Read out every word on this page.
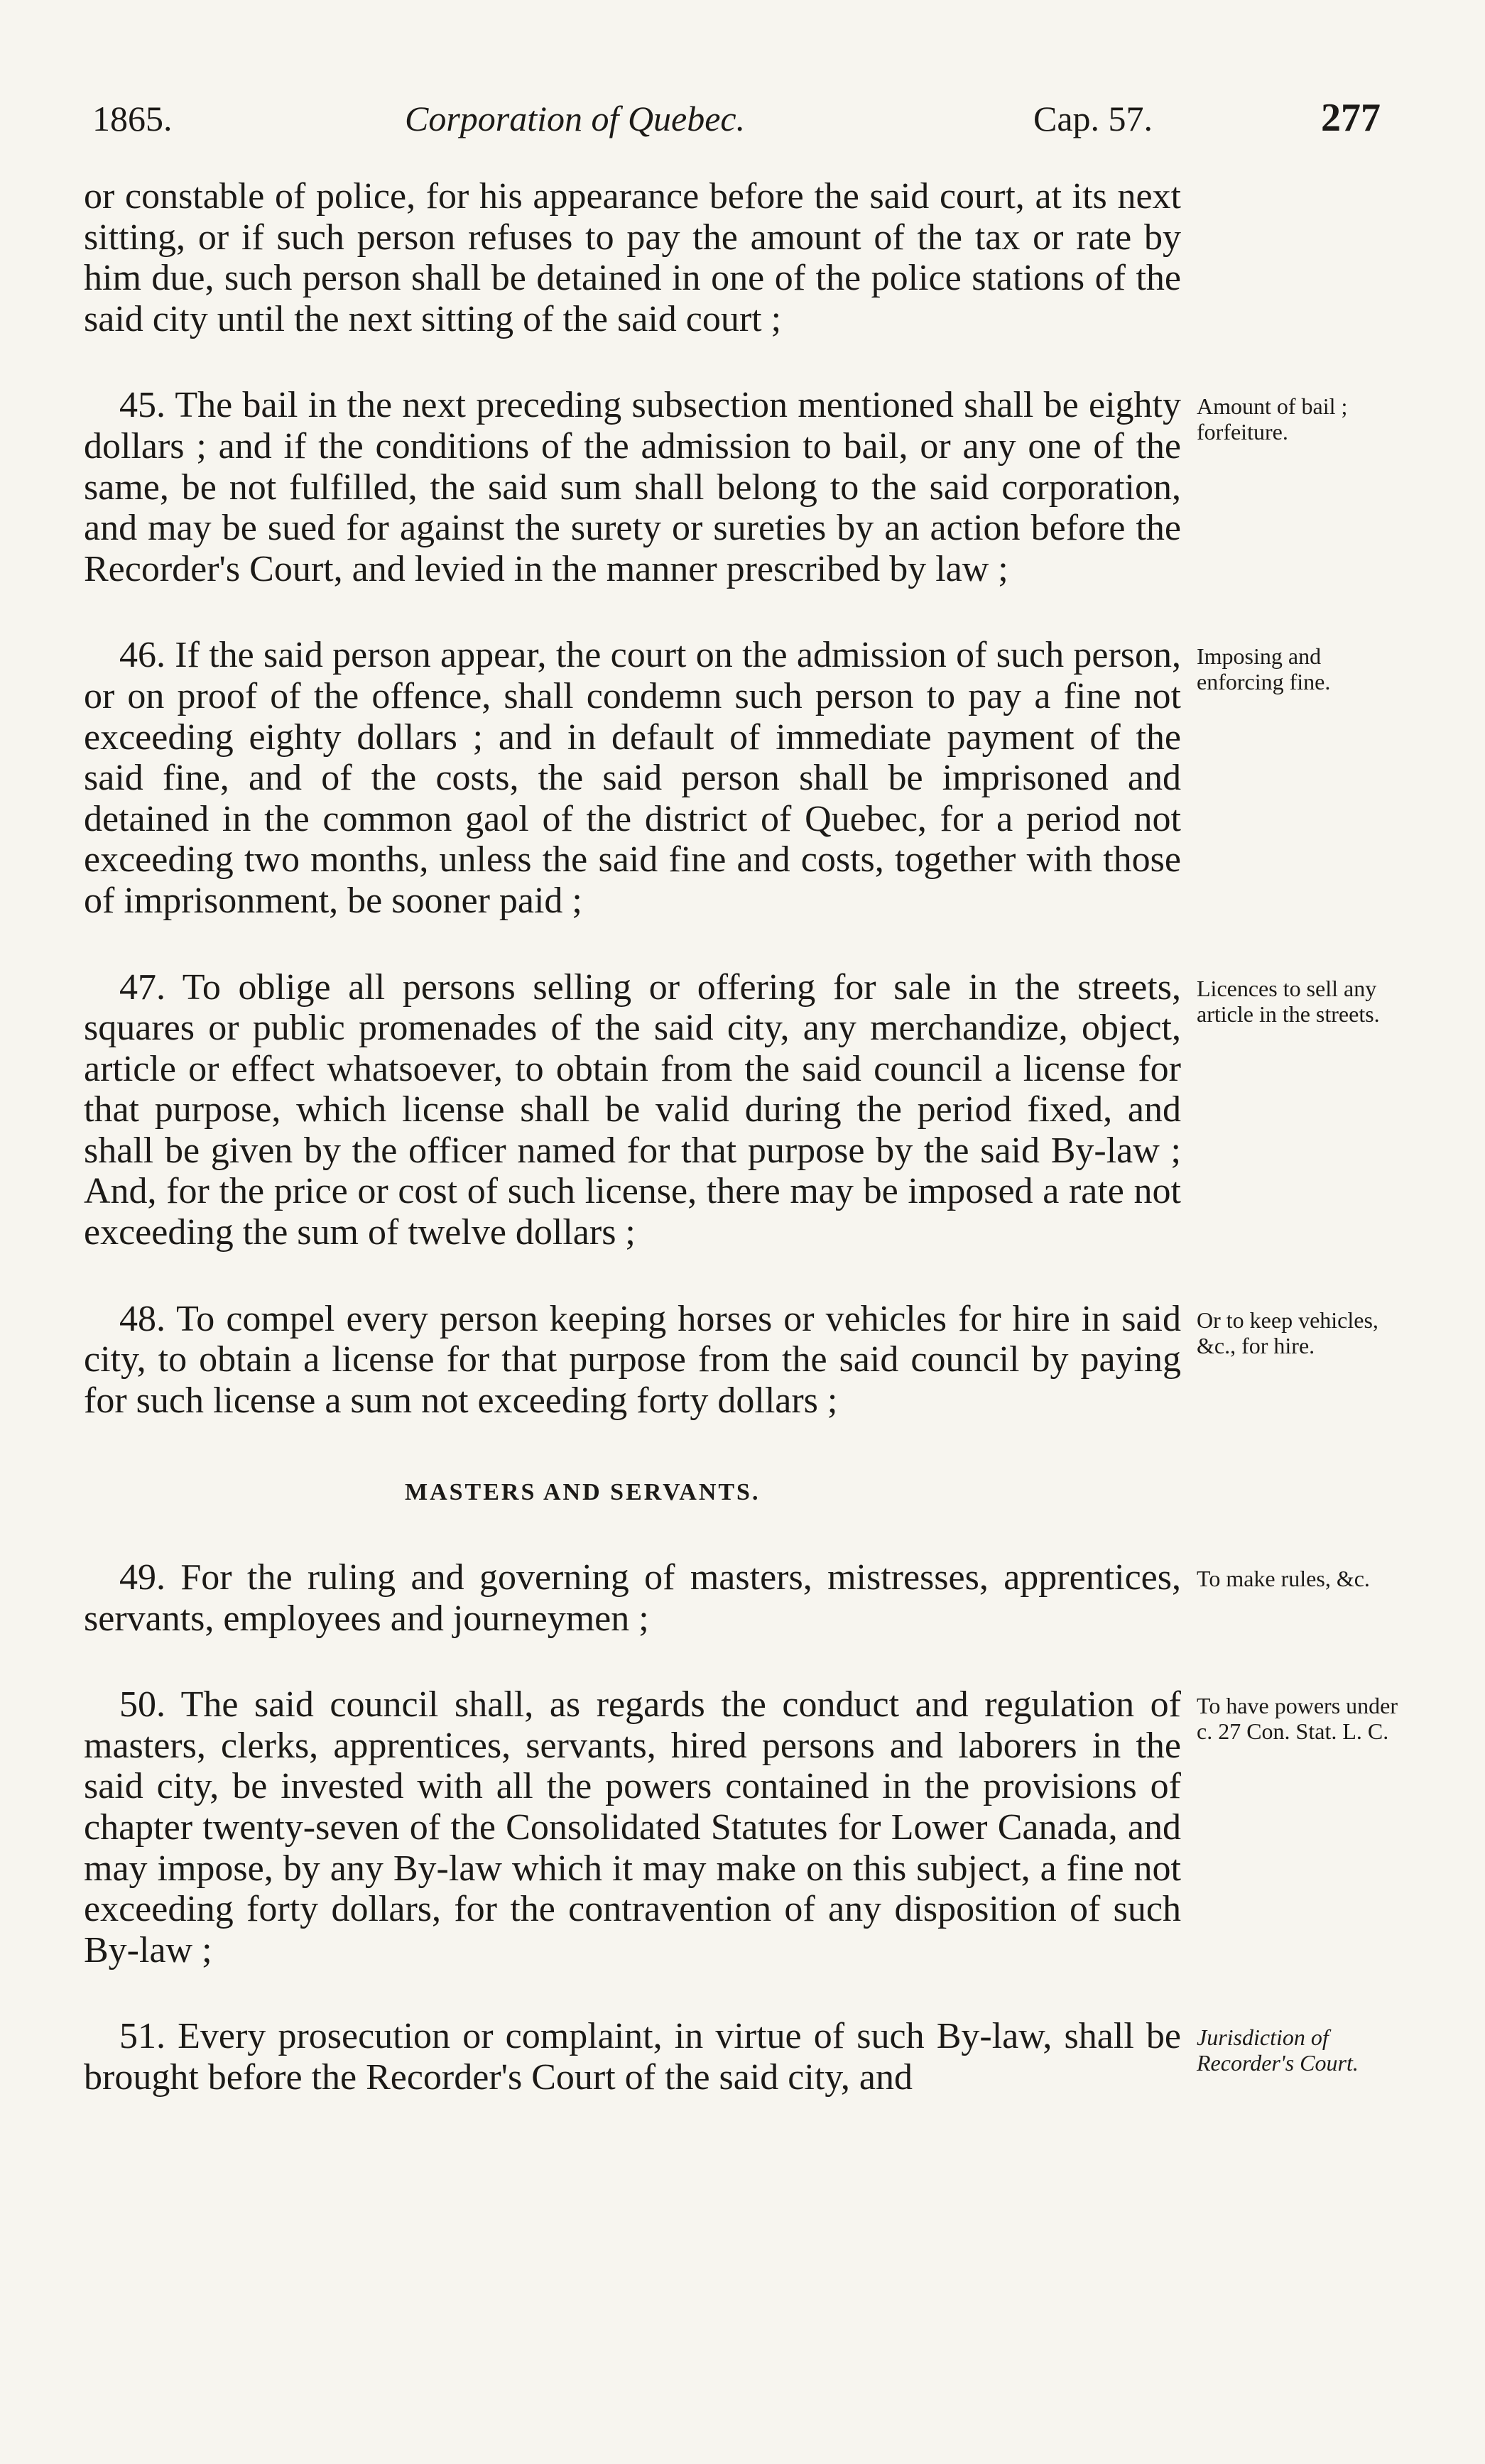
1865.	Corporation of Quebec.	Cap. 57.	277

or constable of police, for his appearance before the said court, at its next sitting, or if such person refuses to pay the amount of the tax or rate by him due, such person shall be detained in one of the police stations of the said city until the next sitting of the said court ;

45. The bail in the next preceding subsection mentioned shall be eighty dollars ; and if the conditions of the admission to bail, or any one of the same, be not fulfilled, the said sum shall belong to the said corporation, and may be sued for against the surety or sureties by an action before the Recorder's Court, and levied in the manner prescribed by law ;

46. If the said person appear, the court on the admission of such person, or on proof of the offence, shall condemn such person to pay a fine not exceeding eighty dollars ; and in default of immediate payment of the said fine, and of the costs, the said person shall be imprisoned and detained in the common gaol of the district of Quebec, for a period not exceeding two months, unless the said fine and costs, together with those of imprisonment, be sooner paid ;

47. To oblige all persons selling or offering for sale in the streets, squares or public promenades of the said city, any merchandize, object, article or effect whatsoever, to obtain from the said council a license for that purpose, which license shall be valid during the period fixed, and shall be given by the officer named for that purpose by the said By-law ; And, for the price or cost of such license, there may be imposed a rate not exceeding the sum of twelve dollars ;

48. To compel every person keeping horses or vehicles for hire in said city, to obtain a license for that purpose from the said council by paying for such license a sum not exceeding forty dollars ;

MASTERS AND SERVANTS.

49. For the ruling and governing of masters, mistresses, apprentices, servants, employees and journeymen ;

50. The said council shall, as regards the conduct and regulation of masters, clerks, apprentices, servants, hired persons and laborers in the said city, be invested with all the powers contained in the provisions of chapter twenty-seven of the Consolidated Statutes for Lower Canada, and may impose, by any By-law which it may make on this subject, a fine not exceeding forty dollars, for the contravention of any disposition of such By-law ;

51. Every prosecution or complaint, in virtue of such By-law, shall be brought before the Recorder's Court of the said city, and

Amount of bail ; forfeiture.
Imposing and enforcing fine.
Licences to sell any article in the streets.
Or to keep vehicles, &c., for hire.
To make rules, &c.
To have powers under c. 27 Con. Stat. L. C.
Jurisdiction of Recorder's Court.
